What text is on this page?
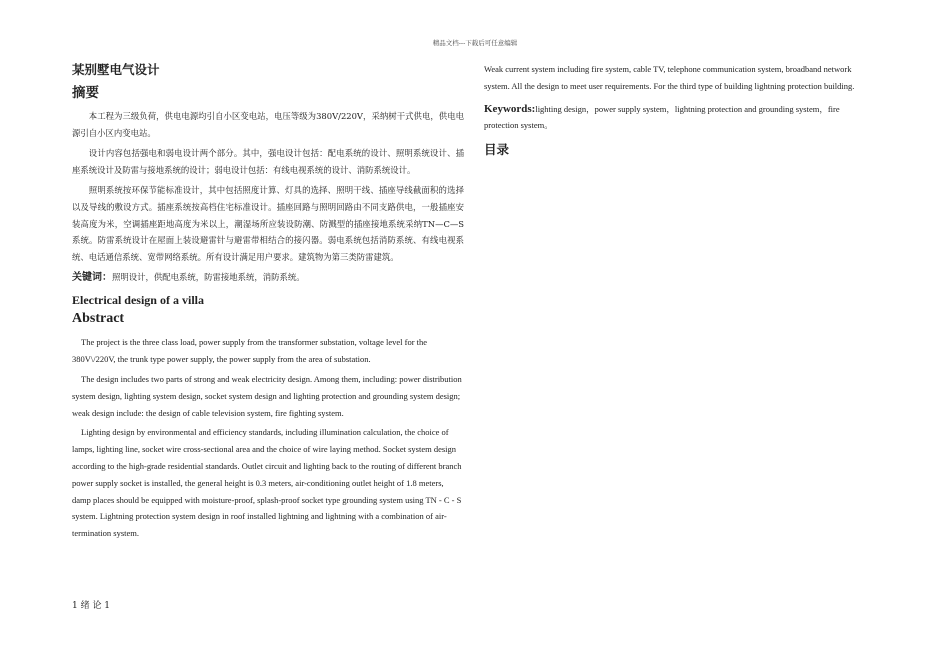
精品文档---下载后可任意编辑
某别墅电气设计
摘要

本工程为三级负荷，供电电源均引自小区变电站，电压等级为380V/220V，采纳树干式供电，供电电源引自小区内变电站。

设计内容包括强电和弱电设计两个部分。其中，强电设计包括：配电系统的设计、照明系统设计、插座系统设计及防雷与接地系统的设计；弱电设计包括：有线电视系统的设计、消防系统设计。

照明系统按环保节能标准设计，其中包括照度计算、灯具的选择、照明干线、插座导线截面积的选择以及导线的敷设方式。插座系统按高档住宅标准设计。插座回路与照明回路由不同支路供电，一般插座安装高度为米，空调插座距地高度为米以上，潮湿场所应装设防潮、防溅型的插座接地系统采纳TN—C—S系统。防雷系统设计在屋面上装设避雷针与避雷带相结合的接闪器。弱电系统包括消防系统、有线电视系统、电话通信系统、宽带网络系统。所有设计满足用户要求。建筑物为第三类防雷建筑。

关键词：照明设计，供配电系统，防雷接地系统，消防系统。

Electrical design of a villa
Abstract

The project is the three class load, power supply from the transformer substation, voltage level for the 380V\/220V, the trunk type power supply, the power supply from the area of substation.

The design includes two parts of strong and weak electricity design. Among them, including: power distribution system design, lighting system design, socket system design and lighting protection and grounding system design; weak design include: the design of cable television system, fire fighting system.

Lighting design by environmental and efficiency standards, including illumination calculation, the choice of lamps, lighting line, socket wire cross-sectional area and the choice of wire laying method. Socket system design according to the high-grade residential standards. Outlet circuit and lighting back to the routing of different branch power supply socket is installed, the general height is 0.3 meters, air-conditioning outlet height of 1.8 meters, damp places should be equipped with moisture-proof, splash-proof socket type grounding system using TN - C - S system. Lightning protection system design in roof installed lightning and lightning with a combination of air-termination system.

1 绪 论 1

Weak current system including fire system, cable TV, telephone communication system, broadband network system. All the design to meet user requirements. For the third type of building lightning protection building.

Keywords:lighting design，power supply system，lightning protection and grounding system，fire protection system。

目录
